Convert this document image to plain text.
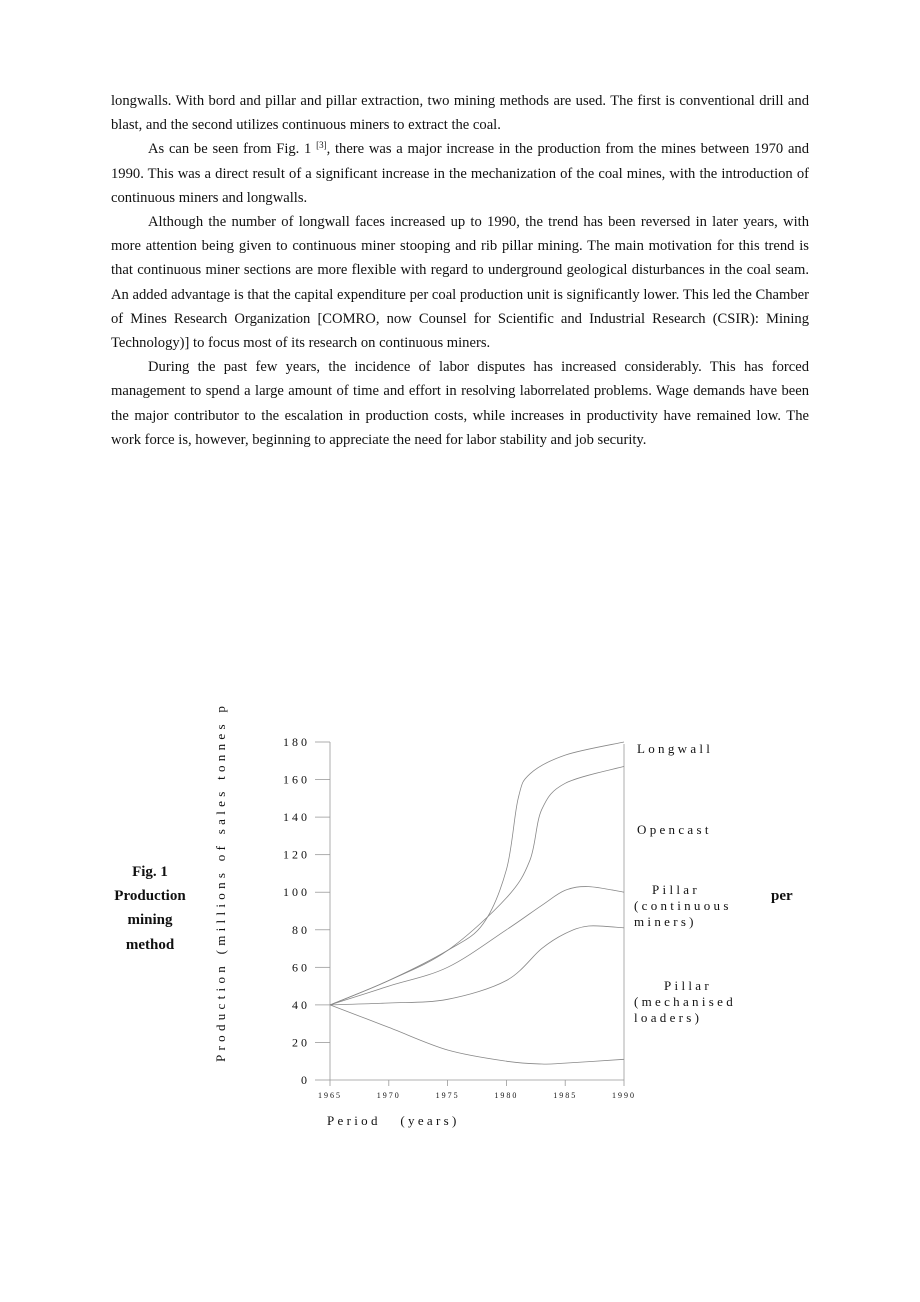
longwalls. With bord and pillar and pillar extraction, two mining methods are used. The first is conventional drill and blast, and the second utilizes continuous miners to extract the coal.

As can be seen from Fig. 1 [3], there was a major increase in the production from the mines between 1970 and 1990. This was a direct result of a significant increase in the mechanization of the coal mines, with the introduction of continuous miners and longwalls.

Although the number of longwall faces increased up to 1990, the trend has been reversed in later years, with more attention being given to continuous miner stooping and rib pillar mining. The main motivation for this trend is that continuous miner sections are more flexible with regard to underground geological disturbances in the coal seam. An added advantage is that the capital expenditure per coal production unit is significantly lower. This led the Chamber of Mines Research Organization [COMRO, now Counsel for Scientific and Industrial Research (CSIR): Mining Technology)] to focus most of its research on continuous miners.

During the past few years, the incidence of labor disputes has increased considerably. This has forced management to spend a large amount of time and effort in resolving laborrelated problems. Wage demands have been the major contributor to the escalation in production costs, while increases in productivity have remained low. The work force is, however, beginning to appreciate the need for labor stability and job security.

Fig. 1
Production
mining
method
per
Production (millions of sales tonnes p
Period   (years)
0
20
40
60
80
100
120
140
160
180
1965	1970	1975	1980	1985	1990
Longwall
Opencast
Pillar
(continuous
miners)
Pillar
(mechanised
loaders)
